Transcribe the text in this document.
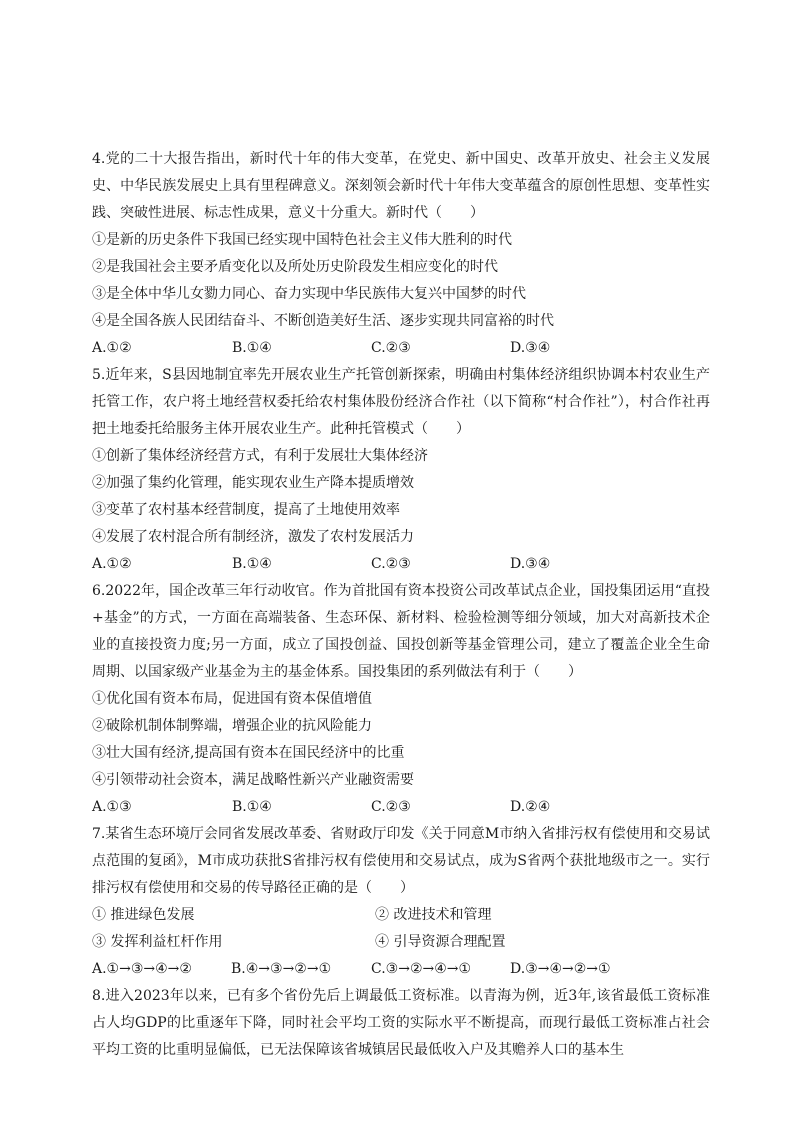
4.党的二十大报告指出，新时代十年的伟大变革，在党史、新中国史、改革开放史、社会主义发展史、中华民族发展史上具有里程碑意义。深刻领会新时代十年伟大变革蕴含的原创性思想、变革性实践、突破性进展、标志性成果，意义十分重大。新时代（　　）

①是新的历史条件下我国已经实现中国特色社会主义伟大胜利的时代

②是我国社会主要矛盾变化以及所处历史阶段发生相应变化的时代

③是全体中华儿女勠力同心、奋力实现中华民族伟大复兴中国梦的时代

④是全国各族人民团结奋斗、不断创造美好生活、逐步实现共同富裕的时代

A.①②	B.①④	C.②③	D.③④

5.近年来，S县因地制宜率先开展农业生产托管创新探索，明确由村集体经济组织协调本村农业生产托管工作，农户将土地经营权委托给农村集体股份经济合作社（以下简称“村合作社”），村合作社再把土地委托给服务主体开展农业生产。此种托管模式（　　）

①创新了集体经济经营方式，有利于发展壮大集体经济

②加强了集约化管理，能实现农业生产降本提质增效

③变革了农村基本经营制度，提高了土地使用效率

④发展了农村混合所有制经济，激发了农村发展活力

A.①②	B.①④	C.②③	D.③④

6.2022年，国企改革三年行动收官。作为首批国有资本投资公司改革试点企业，国投集团运用“直投+基金”的方式，一方面在高端装备、生态环保、新材料、检验检测等细分领域，加大对高新技术企业的直接投资力度;另一方面，成立了国投创益、国投创新等基金管理公司，建立了覆盖企业全生命周期、以国家级产业基金为主的基金体系。国投集团的系列做法有利于（　　）

①优化国有资本布局，促进国有资本保值增值

②破除机制体制弊端，增强企业的抗风险能力

③壮大国有经济,提高国有资本在国民经济中的比重

④引领带动社会资本，满足战略性新兴产业融资需要

A.①③	B.①④	C.②③	D.②④

7.某省生态环境厅会同省发展改革委、省财政厅印发《关于同意M市纳入省排污权有偿使用和交易试点范围的复函》，M市成功获批S省排污权有偿使用和交易试点，成为S省两个获批地级市之一。实行排污权有偿使用和交易的传导路径正确的是（　　）

① 推进绿色发展	② 改进技术和管理
③ 发挥利益杠杆作用	④ 引导资源合理配置
A.①→③→④→②	B.④→③→②→①	C.③→②→④→①	D.③→④→②→①

8.进入2023年以来，已有多个省份先后上调最低工资标准。以青海为例，近3年,该省最低工资标准占人均GDP的比重逐年下降，同时社会平均工资的实际水平不断提高，而现行最低工资标准占社会平均工资的比重明显偏低，已无法保障该省城镇居民最低收入户及其赡养人口的基本生
